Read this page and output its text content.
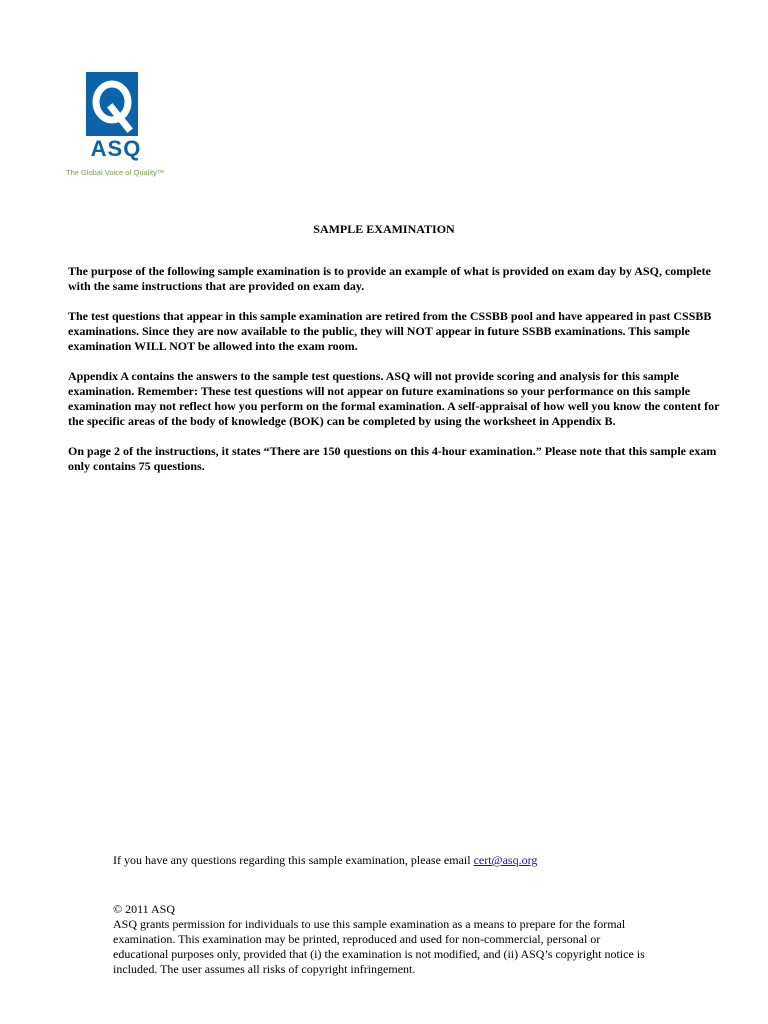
ASQ
The Global Voice of Quality™
SAMPLE EXAMINATION

The purpose of the following sample examination is to provide an example of what is provided on exam day by ASQ, complete with the same instructions that are provided on exam day.

The test questions that appear in this sample examination are retired from the CSSBB pool and have appeared in past CSSBB examinations. Since they are now available to the public, they will NOT appear in future SSBB examinations. This sample examination WILL NOT be allowed into the exam room.

Appendix A contains the answers to the sample test questions. ASQ will not provide scoring and analysis for this sample examination. Remember: These test questions will not appear on future examinations so your performance on this sample examination may not reflect how you perform on the formal examination. A self-appraisal of how well you know the content for the specific areas of the body of knowledge (BOK) can be completed by using the worksheet in Appendix B.

On page 2 of the instructions, it states “There are 150 questions on this 4-hour examination.” Please note that this sample exam only contains 75 questions.

If you have any questions regarding this sample examination, please email cert@asq.org

© 2011 ASQ

ASQ grants permission for individuals to use this sample examination as a means to prepare for the formal examination. This examination may be printed, reproduced and used for non-commercial, personal or educational purposes only, provided that (i) the examination is not modified, and (ii) ASQ’s copyright notice is included. The user assumes all risks of copyright infringement.
